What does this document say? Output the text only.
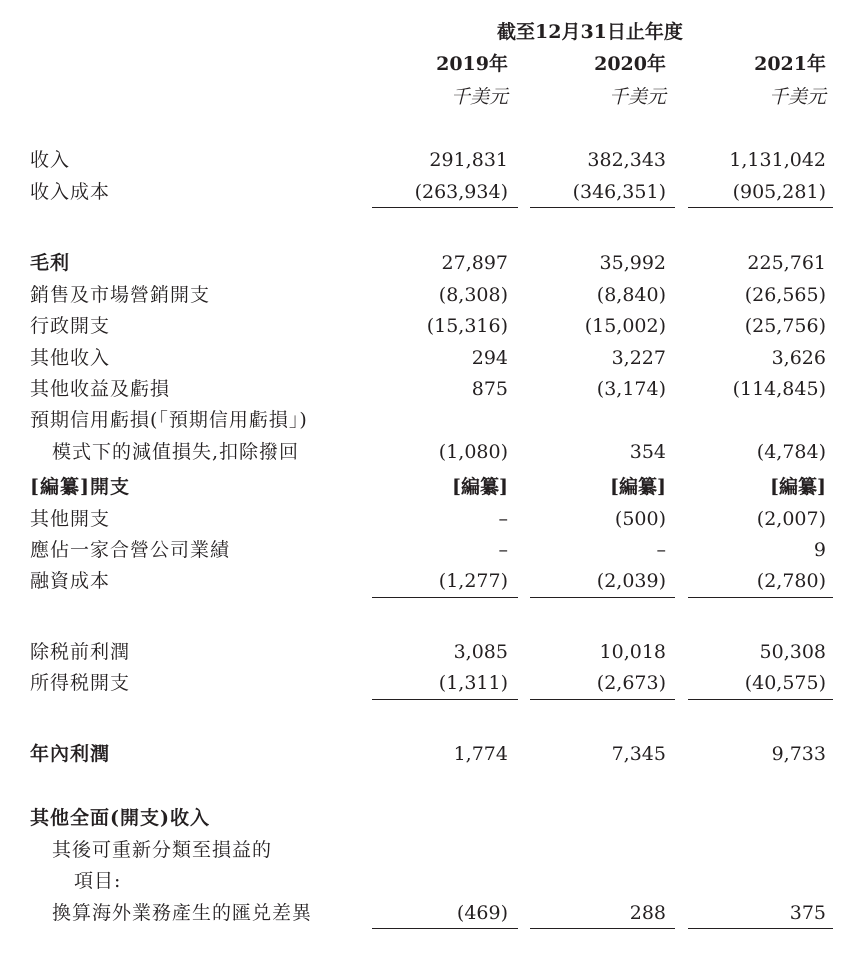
截至12月31日止年度
2019年	2020年	2021年
千美元	千美元	千美元
收入	291,831	382,343	1,131,042
收入成本	(263,934)	(346,351)	(905,281)
毛利	27,897	35,992	225,761
銷售及市場營銷開支	(8,308)	(8,840)	(26,565)
行政開支	(15,316)	(15,002)	(25,756)
其他收入	294	3,227	3,626
其他收益及虧損	875	(3,174)	(114,845)
預期信用虧損(「預期信用虧損」)
模式下的減值損失,扣除撥回	(1,080)	354	(4,784)
[編纂]開支	[編纂]	[編纂]	[編纂]
其他開支	–	(500)	(2,007)
應佔一家合營公司業績	–	–	9
融資成本	(1,277)	(2,039)	(2,780)
除税前利潤	3,085	10,018	50,308
所得税開支	(1,311)	(2,673)	(40,575)
年內利潤	1,774	7,345	9,733
其他全面(開支)收入
其後可重新分類至損益的
項目:
換算海外業務產生的匯兑差異	(469)	288	375
